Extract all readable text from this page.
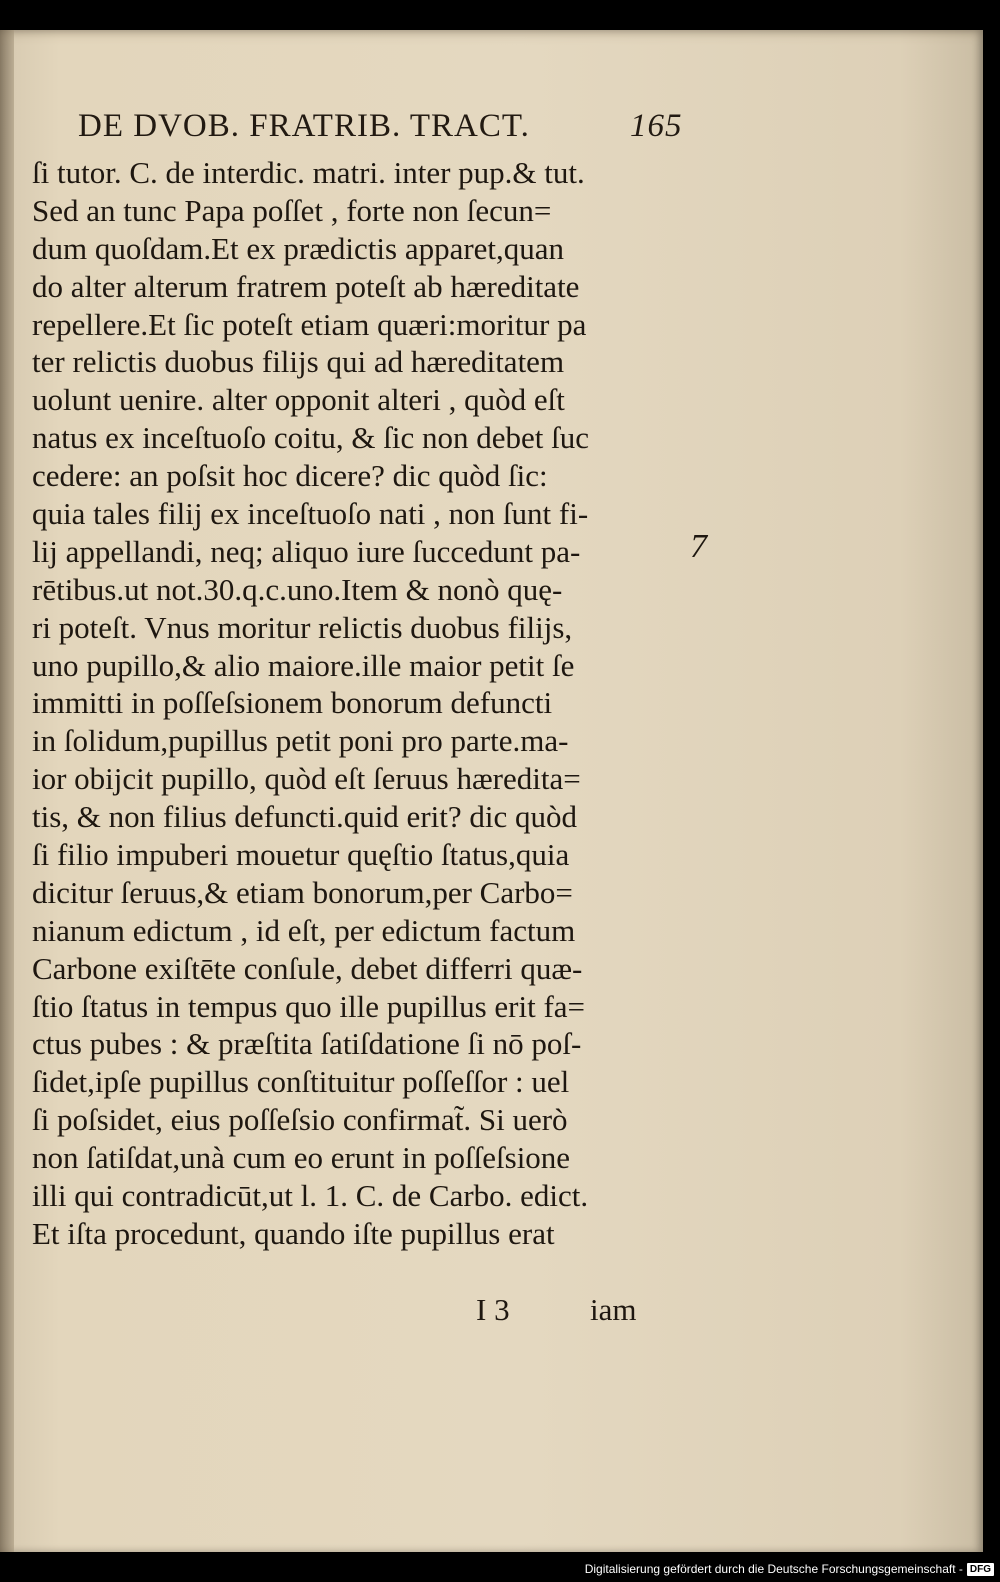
DE DVOB. FRATRIB. TRACT.	165
ſi tutor. C. de interdic. matri. inter pup.& tut.
Sed an tunc Papa poſſet , forte non ſecun=
dum quoſdam.Et ex prædictis apparet,quan
do alter alterum fratrem poteſt ab hæreditate
repellere.Et ſic poteſt etiam quæri:moritur pa
ter relictis duobus filijs qui ad hæreditatem
uolunt uenire. alter opponit alteri , quòd eſt
natus ex inceſtuoſo coitu, & ſic non debet ſuc
cedere: an poſsit hoc dicere? dic quòd ſic:
quia tales filij ex inceſtuoſo nati , non ſunt fi-
lij appellandi, neq; aliquo iure ſuccedunt pa-
rētibus.ut not.30.q.c.uno.Item & nonò quę-
ri poteſt. Vnus moritur relictis duobus filijs,
uno pupillo,& alio maiore.ille maior petit ſe
immitti in poſſeſsionem bonorum defuncti
in ſolidum,pupillus petit poni pro parte.ma-
ior obijcit pupillo, quòd eſt ſeruus hæredita=
tis, & non filius defuncti.quid erit? dic quòd
ſi filio impuberi mouetur quęſtio ſtatus,quia
dicitur ſeruus,& etiam bonorum,per Carbo=
nianum edictum , id eſt, per edictum factum
Carbone exiſtēte conſule, debet differri quæ-
ſtio ſtatus in tempus quo ille pupillus erit fa=
ctus pubes : & præſtita ſatiſdatione ſi nō poſ-
ſidet,ipſe pupillus conſtituitur poſſeſſor : uel
ſi poſsidet, eius poſſeſsio confirmat̃. Si uerò
non ſatiſdat,unà cum eo erunt in poſſeſsione
illi qui contradicūt,ut l. 1. C. de Carbo. edict.
Et iſta procedunt, quando iſte pupillus erat
7
I 3	iam
Digitalisierung gefördert durch die Deutsche Forschungsgemeinschaft - DFG
